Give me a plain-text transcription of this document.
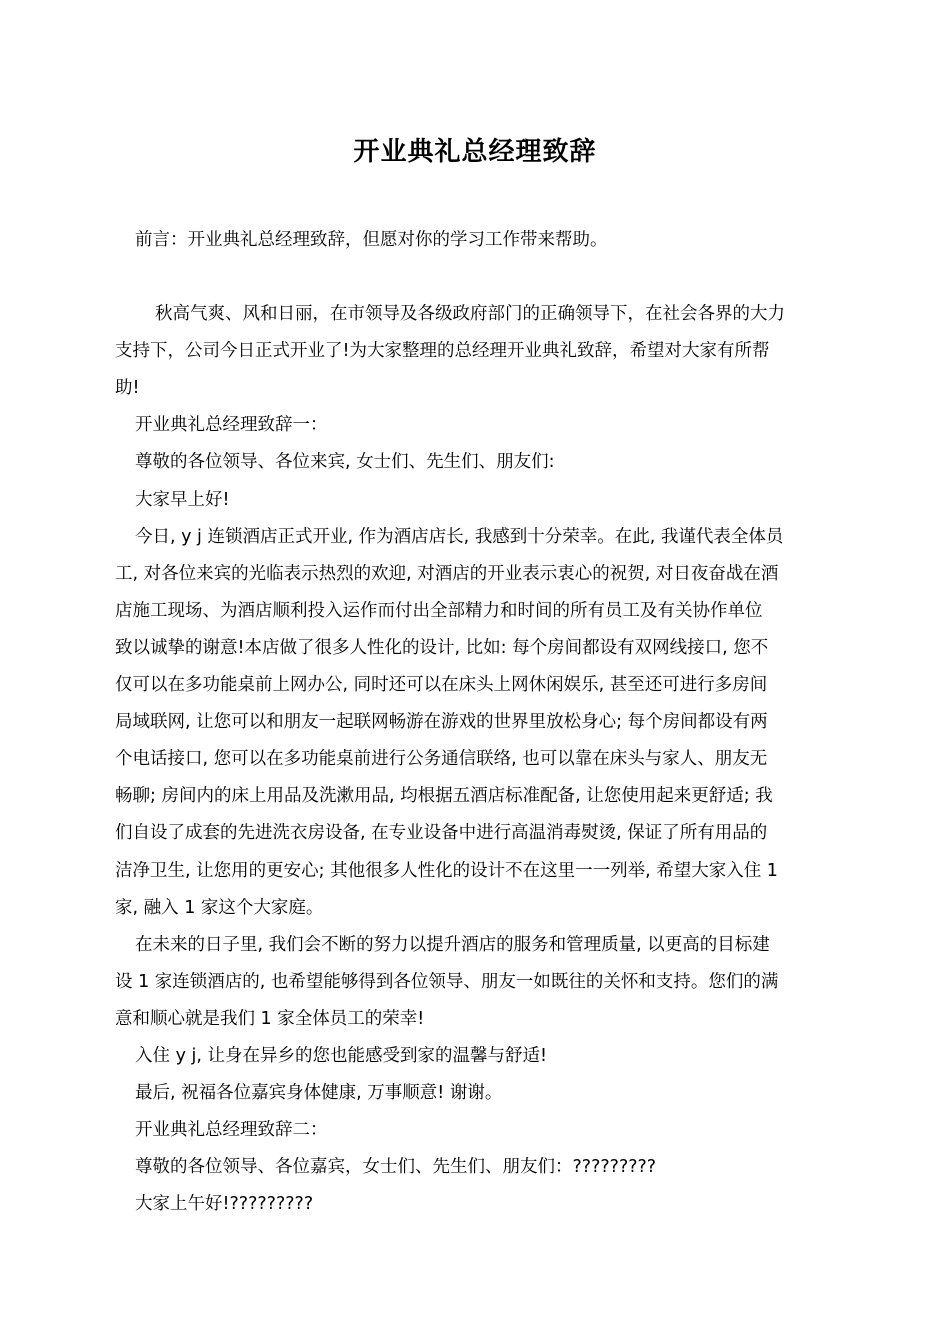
开业典礼总经理致辞

前言：开业典礼总经理致辞，但愿对你的学习工作带来帮助。

秋高气爽、风和日丽，在市领导及各级政府部门的正确领导下，在社会各界的大力
支持下，公司今日正式开业了!为大家整理的总经理开业典礼致辞，希望对大家有所帮
助!

开业典礼总经理致辞一：

尊敬的各位领导、各位来宾, 女士们、先生们、朋友们:

大家早上好!

今日, y j 连锁酒店正式开业, 作为酒店店长, 我感到十分荣幸。在此, 我谨代表全体员
工, 对各位来宾的光临表示热烈的欢迎, 对酒店的开业表示衷心的祝贺, 对日夜奋战在酒
店施工现场、为酒店顺利投入运作而付出全部精力和时间的所有员工及有关协作单位
致以诚挚的谢意!本店做了很多人性化的设计, 比如: 每个房间都设有双网线接口, 您不
仅可以在多功能桌前上网办公, 同时还可以在床头上网休闲娱乐, 甚至还可进行多房间
局域联网, 让您可以和朋友一起联网畅游在游戏的世界里放松身心; 每个房间都设有两
个电话接口, 您可以在多功能桌前进行公务通信联络, 也可以靠在床头与家人、朋友无
畅聊; 房间内的床上用品及洗漱用品, 均根据五酒店标准配备, 让您使用起来更舒适; 我
们自设了成套的先进洗衣房设备, 在专业设备中进行高温消毒熨烫, 保证了所有用品的
洁净卫生, 让您用的更安心; 其他很多人性化的设计不在这里一一列举, 希望大家入住 1
家, 融入 1 家这个大家庭。

在未来的日子里, 我们会不断的努力以提升酒店的服务和管理质量, 以更高的目标建
设 1 家连锁酒店的, 也希望能够得到各位领导、朋友一如既往的关怀和支持。您们的满
意和顺心就是我们 1 家全体员工的荣幸!

入住 y j, 让身在异乡的您也能感受到家的温馨与舒适!

最后, 祝福各位嘉宾身体健康, 万事顺意! 谢谢。

开业典礼总经理致辞二：

尊敬的各位领导、各位嘉宾，女士们、先生们、朋友们：?????????

大家上午好!?????????
